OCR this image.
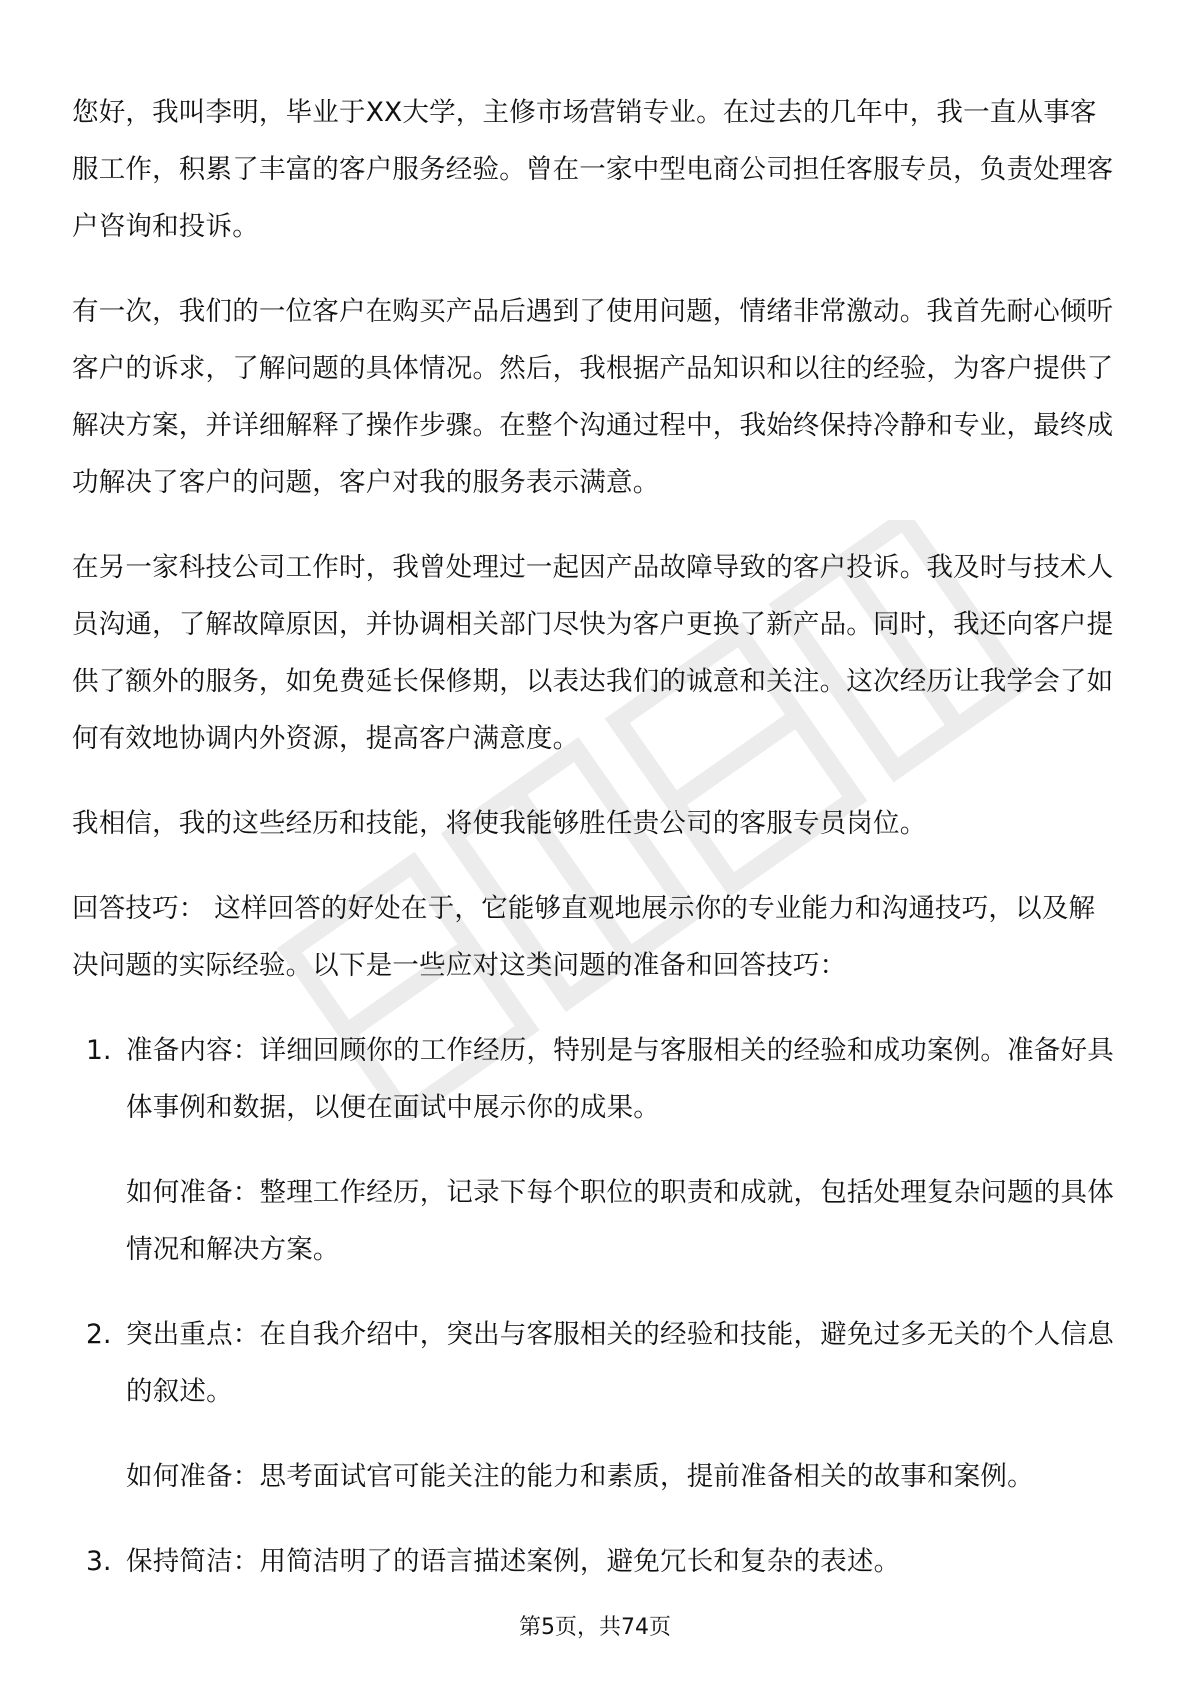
您好，我叫李明，毕业于XX大学，主修市场营销专业。在过去的几年中，我一直从事客服工作，积累了丰富的客户服务经验。曾在一家中型电商公司担任客服专员，负责处理客户咨询和投诉。

有一次，我们的一位客户在购买产品后遇到了使用问题，情绪非常激动。我首先耐心倾听客户的诉求，了解问题的具体情况。然后，我根据产品知识和以往的经验，为客户提供了解决方案，并详细解释了操作步骤。在整个沟通过程中，我始终保持冷静和专业，最终成功解决了客户的问题，客户对我的服务表示满意。

在另一家科技公司工作时，我曾处理过一起因产品故障导致的客户投诉。我及时与技术人员沟通，了解故障原因，并协调相关部门尽快为客户更换了新产品。同时，我还向客户提供了额外的服务，如免费延长保修期，以表达我们的诚意和关注。这次经历让我学会了如何有效地协调内外资源，提高客户满意度。

我相信，我的这些经历和技能，将使我能够胜任贵公司的客服专员岗位。

回答技巧： 这样回答的好处在于，它能够直观地展示你的专业能力和沟通技巧，以及解决问题的实际经验。以下是一些应对这类问题的准备和回答技巧：

1. 准备内容：详细回顾你的工作经历，特别是与客服相关的经验和成功案例。准备好具体事例和数据，以便在面试中展示你的成果。

如何准备：整理工作经历，记录下每个职位的职责和成就，包括处理复杂问题的具体情况和解决方案。

2. 突出重点：在自我介绍中，突出与客服相关的经验和技能，避免过多无关的个人信息的叙述。

如何准备：思考面试官可能关注的能力和素质，提前准备相关的故事和案例。

3. 保持简洁：用简洁明了的语言描述案例，避免冗长和复杂的表述。

第5页，共74页
